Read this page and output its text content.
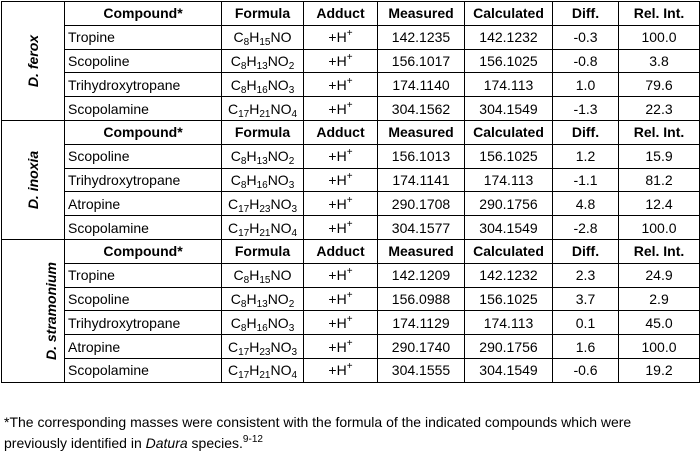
D. ferox	Compound*	Formula	Adduct	Measured	Calculated	Diff.	Rel. Int.
	Tropine	$C_8H_{15}NO$	+H+	142.1235	142.1232	-0.3	100.0
	Scopoline	$C_8H_{13}NO_2$	+H+	156.1017	156.1025	-0.8	3.8
	Trihydroxytropane	$C_8H_{16}NO_3$	+H+	174.1140	174.113	1.0	79.6
	Scopolamine	$C_{17}H_{21}NO_4$	+H+	304.1562	304.1549	-1.3	22.3
D. inoxia	Compound*	Formula	Adduct	Measured	Calculated	Diff.	Rel. Int.
	Scopoline	$C_8H_{13}NO_2$	+H+	156.1013	156.1025	1.2	15.9
	Trihydroxytropane	$C_8H_{16}NO_3$	+H+	174.1141	174.113	-1.1	81.2
	Atropine	$C_{17}H_{23}NO_3$	+H+	290.1708	290.1756	4.8	12.4
	Scopolamine	$C_{17}H_{21}NO_4$	+H+	304.1577	304.1549	-2.8	100.0
D. stramonium	Compound*	Formula	Adduct	Measured	Calculated	Diff.	Rel. Int.
	Tropine	$C_8H_{15}NO$	+H+	142.1209	142.1232	2.3	24.9
	Scopoline	$C_8H_{13}NO_2$	+H+	156.0988	156.1025	3.7	2.9
	Trihydroxytropane	$C_8H_{16}NO_3$	+H+	174.1129	174.113	0.1	45.0
	Atropine	$C_{17}H_{23}NO_3$	+H+	290.1740	290.1756	1.6	100.0
	Scopolamine	$C_{17}H_{21}NO_4$	+H+	304.1555	304.1549	-0.6	19.2
*The corresponding masses were consistent with the formula of the indicated compounds which were previously identified in Datura species.$^{9-12}$
